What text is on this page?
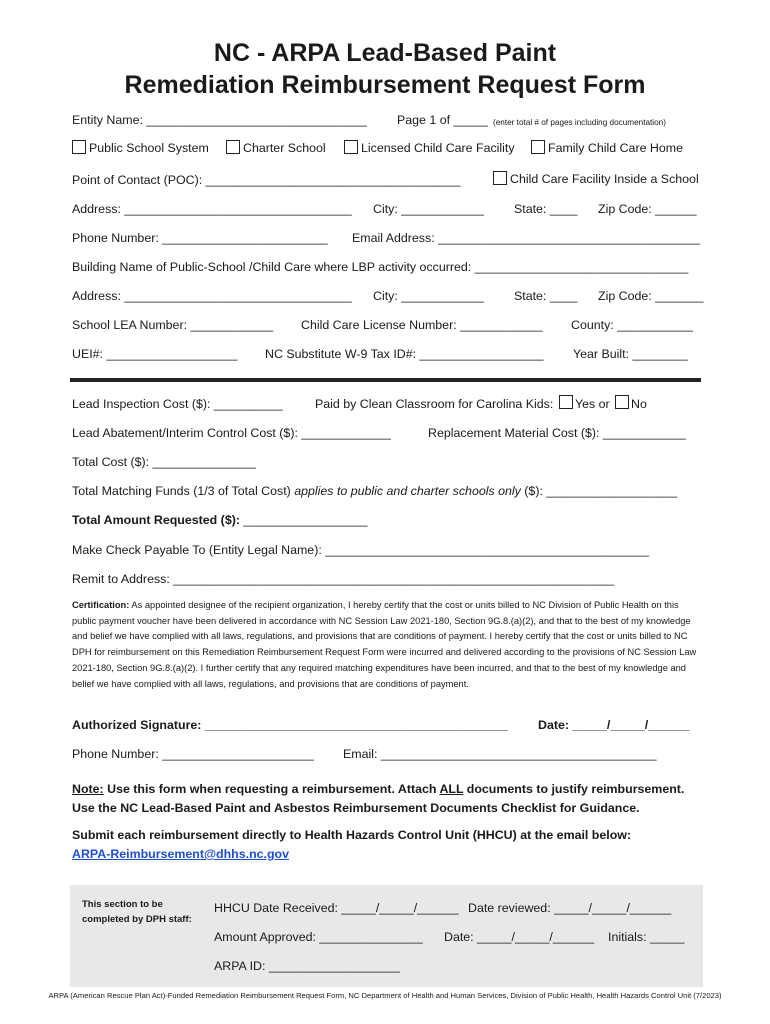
NC - ARPA Lead-Based Paint
Remediation Reimbursement Request Form
Entity Name: ________________________________ Page 1 of _____ (enter total # of pages including documentation)
Public School System	Charter School	Licensed Child Care Facility	Family Child Care Home
Point of Contact (POC): _____________________________________	Child Care Facility Inside a School
Address: _________________________________ City: ____________ State: ____ Zip Code: ______
Phone Number: ________________________ Email Address: ______________________________________
Building Name of Public-School /Child Care where LBP activity occurred: _______________________________
Address: _________________________________ City: ____________ State: ____ Zip Code: _______
School LEA Number: ____________ Child Care License Number: ____________ County: ___________
UEI#: ___________________ NC Substitute W-9 Tax ID#: __________________ Year Built: ________
Lead Inspection Cost ($): __________	Paid by Clean Classroom for Carolina Kids: Yes or No
Lead Abatement/Interim Control Cost ($): _____________	Replacement Material Cost ($): ____________
Total Cost ($): _______________
Total Matching Funds (1/3 of Total Cost) applies to public and charter schools only ($): ___________________
Total Amount Requested ($): __________________
Make Check Payable To (Entity Legal Name): _______________________________________________
Remit to Address: ________________________________________________________________
Certification: As appointed designee of the recipient organization, I hereby certify that the cost or units billed to NC Division of Public Health on this public payment voucher have been delivered in accordance with NC Session Law 2021-180, Section 9G.8.(a)(2), and that to the best of my knowledge and belief we have complied with all laws, regulations, and provisions that are conditions of payment. I hereby certify that the cost or units billed to NC DPH for reimbursement on this Remediation Reimbursement Request Form were incurred and delivered according to the provisions of NC Session Law 2021-180, Section 9G.8.(a)(2). I further certify that any required matching expenditures have been incurred, and that to the best of my knowledge and belief we have complied with all laws, regulations, and provisions that are conditions of payment.
Authorized Signature: ____________________________________________ Date: _____/_____/______
Phone Number: ______________________ Email: ________________________________________
Note: Use this form when requesting a reimbursement. Attach ALL documents to justify reimbursement.
Use the NC Lead-Based Paint and Asbestos Reimbursement Documents Checklist for Guidance.
Submit each reimbursement directly to Health Hazards Control Unit (HHCU) at the email below:
ARPA-Reimbursement@dhhs.nc.gov
This section to be completed by DPH staff:
HHCU Date Received: _____/_____/______ Date reviewed: _____/_____/______
Amount Approved: _______________ Date: _____/_____/______ Initials: _____
ARPA ID: ___________________
ARPA (American Rescue Plan Act)-Funded Remediation Reimbursement Request Form, NC Department of Health and Human Services, Division of Public Health, Health Hazards Control Unit (7/2023)
